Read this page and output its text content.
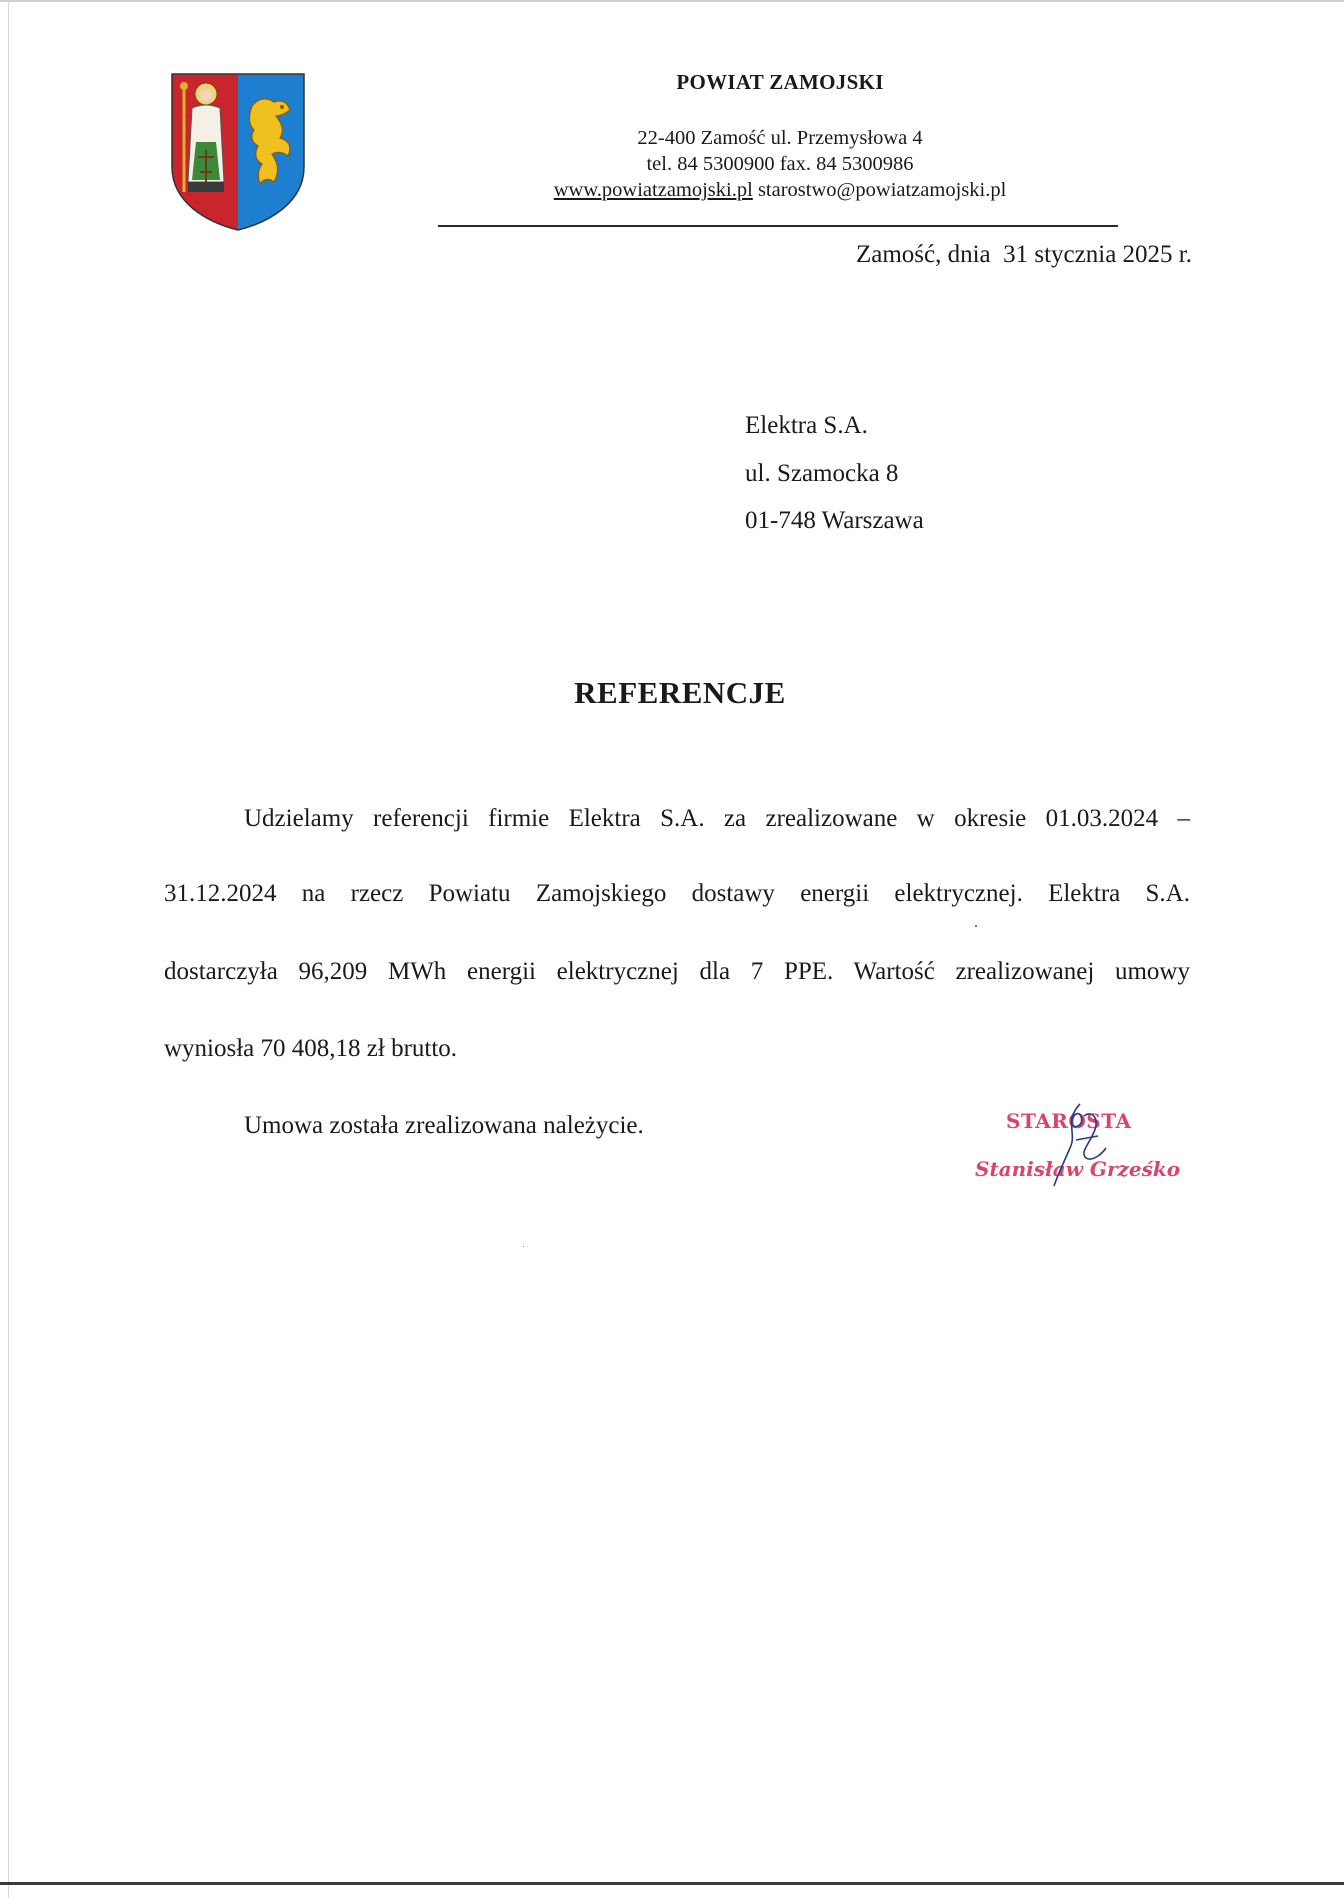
POWIAT ZAMOJSKI
22-400 Zamość ul. Przemysłowa 4
tel. 84 5300900 fax. 84 5300986
www.powiatzamojski.pl starostwo@powiatzamojski.pl
Zamość, dnia  31 stycznia 2025 r.
Elektra S.A.
ul. Szamocka 8
01-748 Warszawa
REFERENCJE
Udzielamy referencji firmie Elektra S.A. za zrealizowane w okresie 01.03.2024 –
31.12.2024 na rzecz Powiatu Zamojskiego dostawy energii elektrycznej. Elektra S.A.
dostarczyła 96,209 MWh energii elektrycznej dla 7 PPE. Wartość zrealizowanej umowy
wyniosła 70 408,18 zł brutto.
Umowa została zrealizowana należycie.	STAROSTA
Stanisław Grześko
